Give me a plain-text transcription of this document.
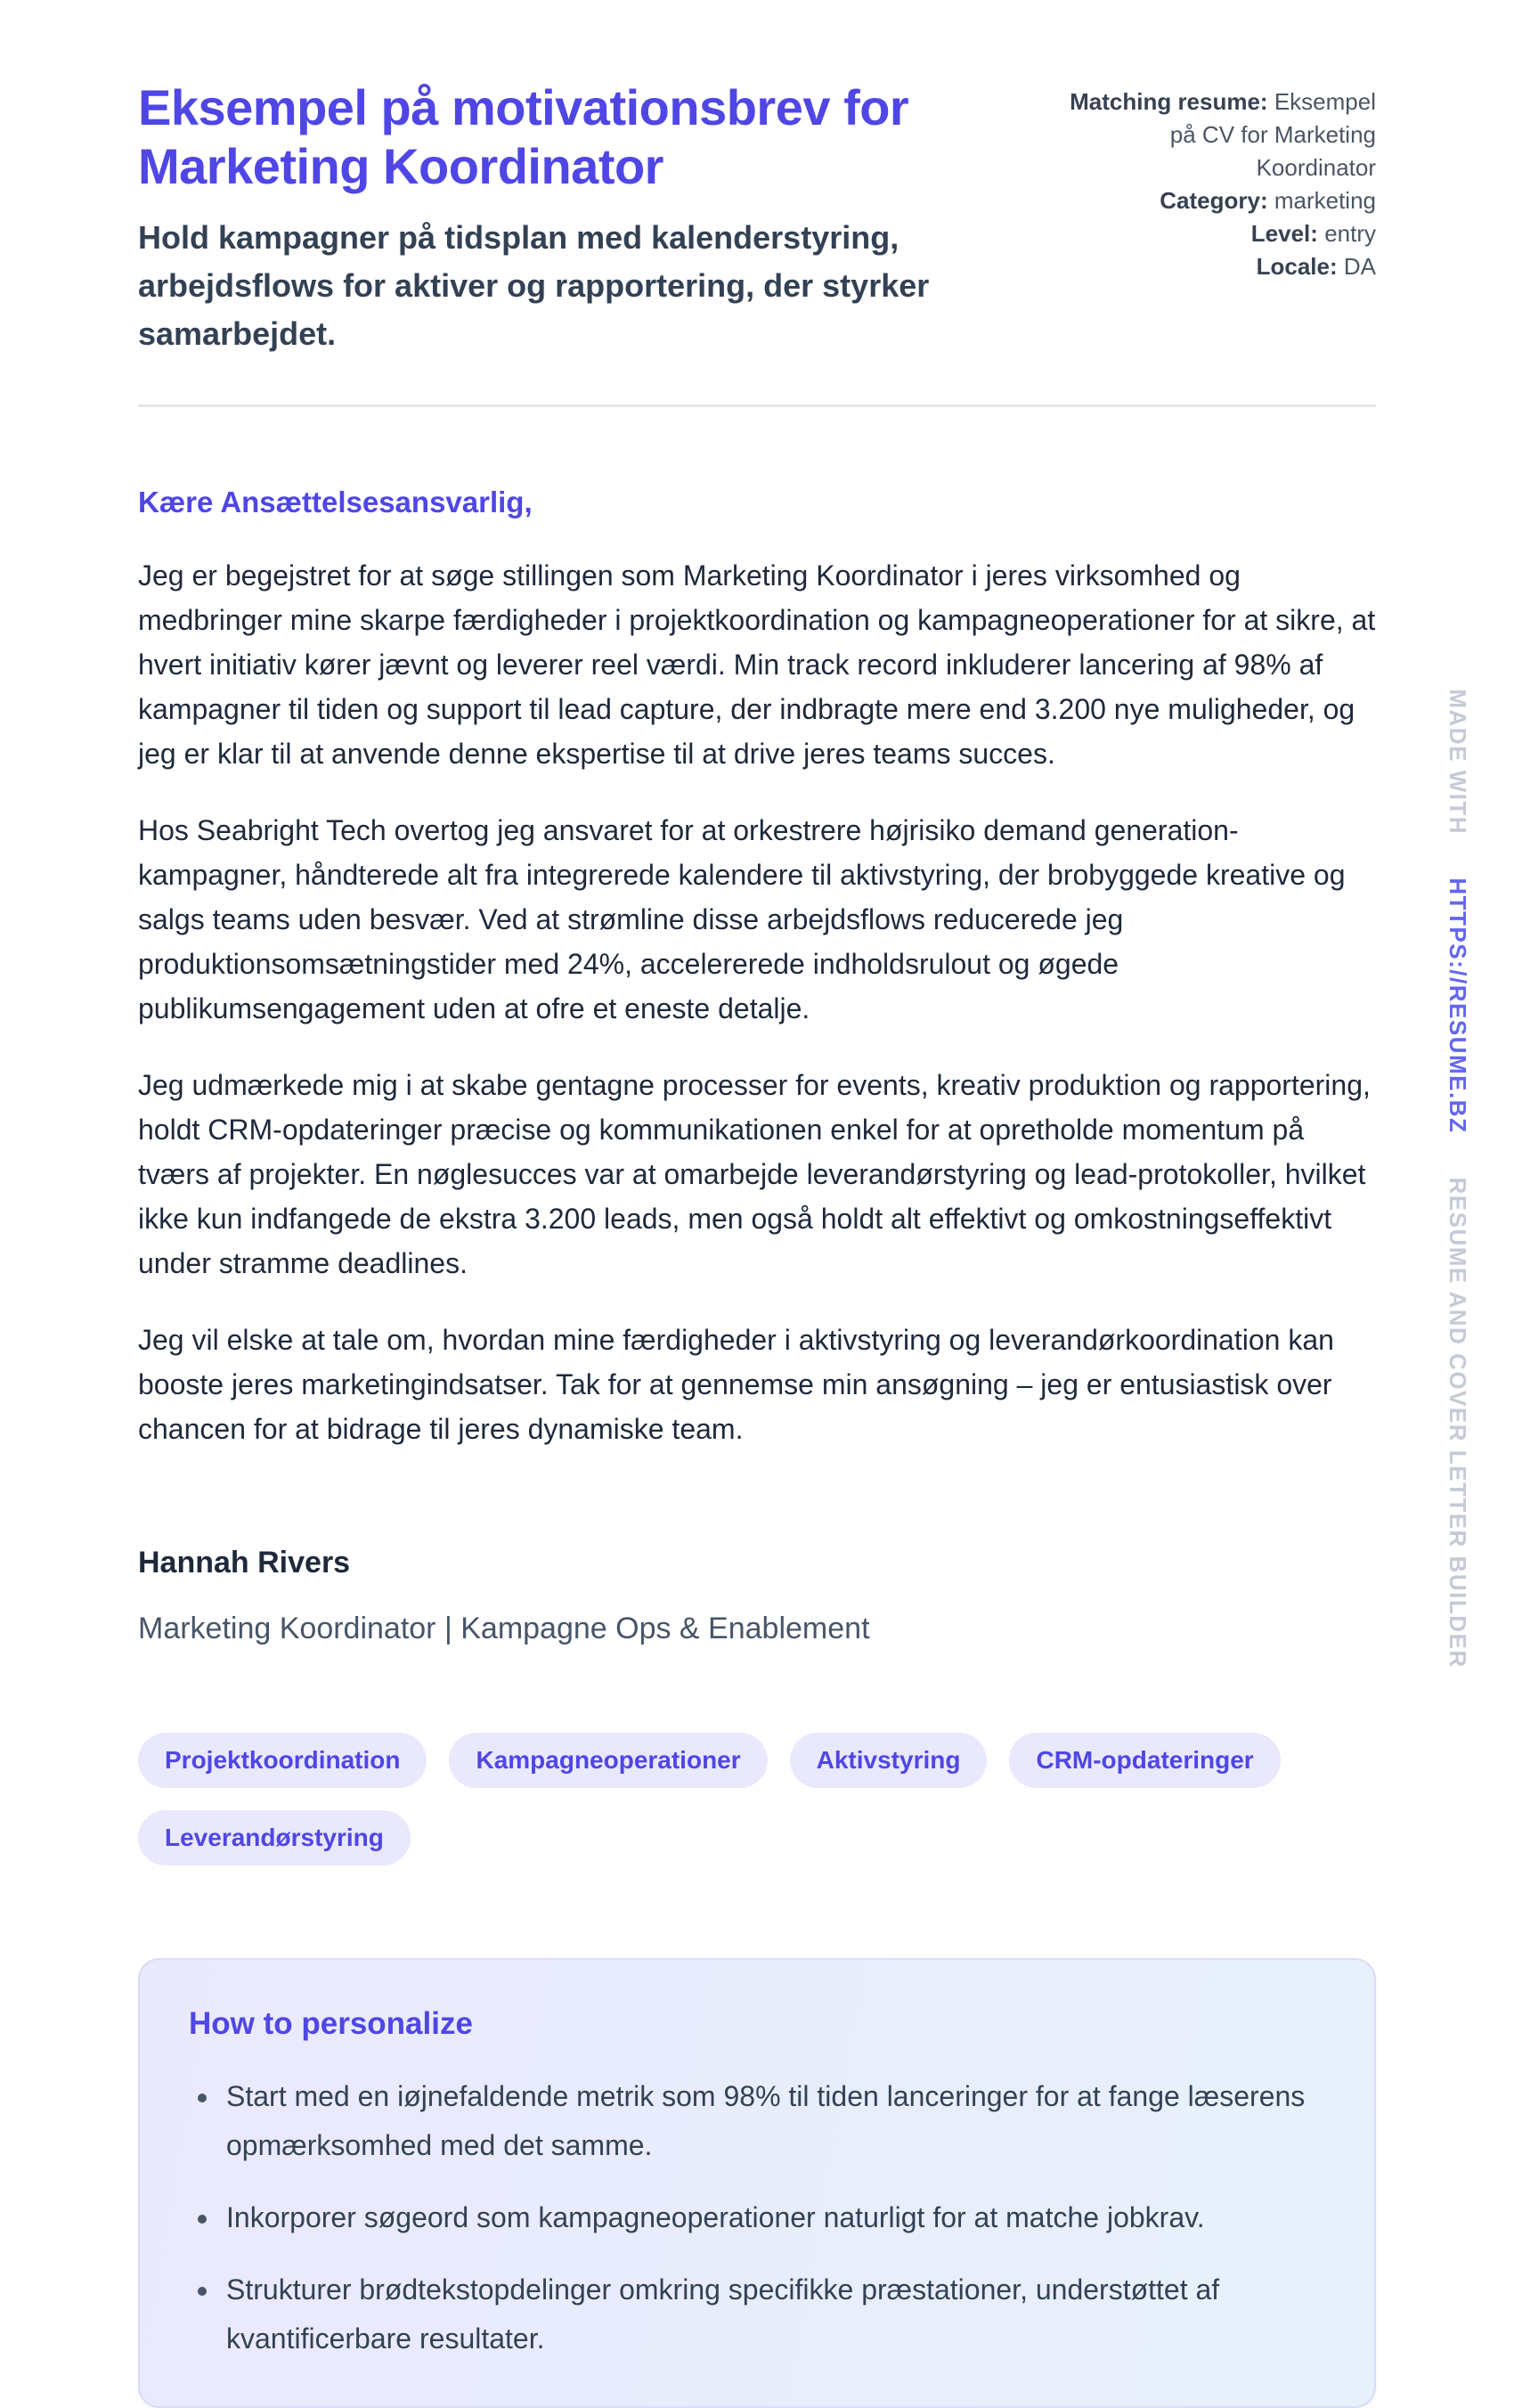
Eksempel på motivationsbrev for Marketing Koordinator

Hold kampagner på tidsplan med kalenderstyring, arbejdsflows for aktiver og rapportering, der styrker samarbejdet.

Matching resume: Eksempel på CV for Marketing Koordinator
Category: marketing
Level: entry
Locale: DA

Kære Ansættelsesansvarlig,

Jeg er begejstret for at søge stillingen som Marketing Koordinator i jeres virksomhed og medbringer mine skarpe færdigheder i projektkoordination og kampagneoperationer for at sikre, at hvert initiativ kører jævnt og leverer reel værdi. Min track record inkluderer lancering af 98% af kampagner til tiden og support til lead capture, der indbragte mere end 3.200 nye muligheder, og jeg er klar til at anvende denne ekspertise til at drive jeres teams succes.

Hos Seabright Tech overtog jeg ansvaret for at orkestrere højrisiko demand generation-kampagner, håndterede alt fra integrerede kalendere til aktivstyring, der brobyggede kreative og salgs teams uden besvær. Ved at strømline disse arbejdsflows reducerede jeg produktionsomsætningstider med 24%, accelererede indholdsrulout og øgede publikumsengagement uden at ofre et eneste detalje.

Jeg udmærkede mig i at skabe gentagne processer for events, kreativ produktion og rapportering, holdt CRM-opdateringer præcise og kommunikationen enkel for at opretholde momentum på tværs af projekter. En nøglesucces var at omarbejde leverandørstyring og lead-protokoller, hvilket ikke kun indfangede de ekstra 3.200 leads, men også holdt alt effektivt og omkostningseffektivt under stramme deadlines.

Jeg vil elske at tale om, hvordan mine færdigheder i aktivstyring og leverandørkoordination kan booste jeres marketingindsatser. Tak for at gennemse min ansøgning – jeg er entusiastisk over chancen for at bidrage til jeres dynamiske team.

Hannah Rivers

Marketing Koordinator | Kampagne Ops & Enablement

Projektkoordination	Kampagneoperationer	Aktivstyring	CRM-opdateringer
Leverandørstyring
How to personalize
• Start med en iøjnefaldende metrik som 98% til tiden lanceringer for at fange læserens opmærksomhed med det samme.
• Inkorporer søgeord som kampagneoperationer naturligt for at matche jobkrav.
• Strukturer brødtekstopdelinger omkring specifikke præstationer, understøttet af kvantificerbare resultater.
MADE WITH HTTPS://RESUME.BZ RESUME AND COVER LETTER BUILDER
